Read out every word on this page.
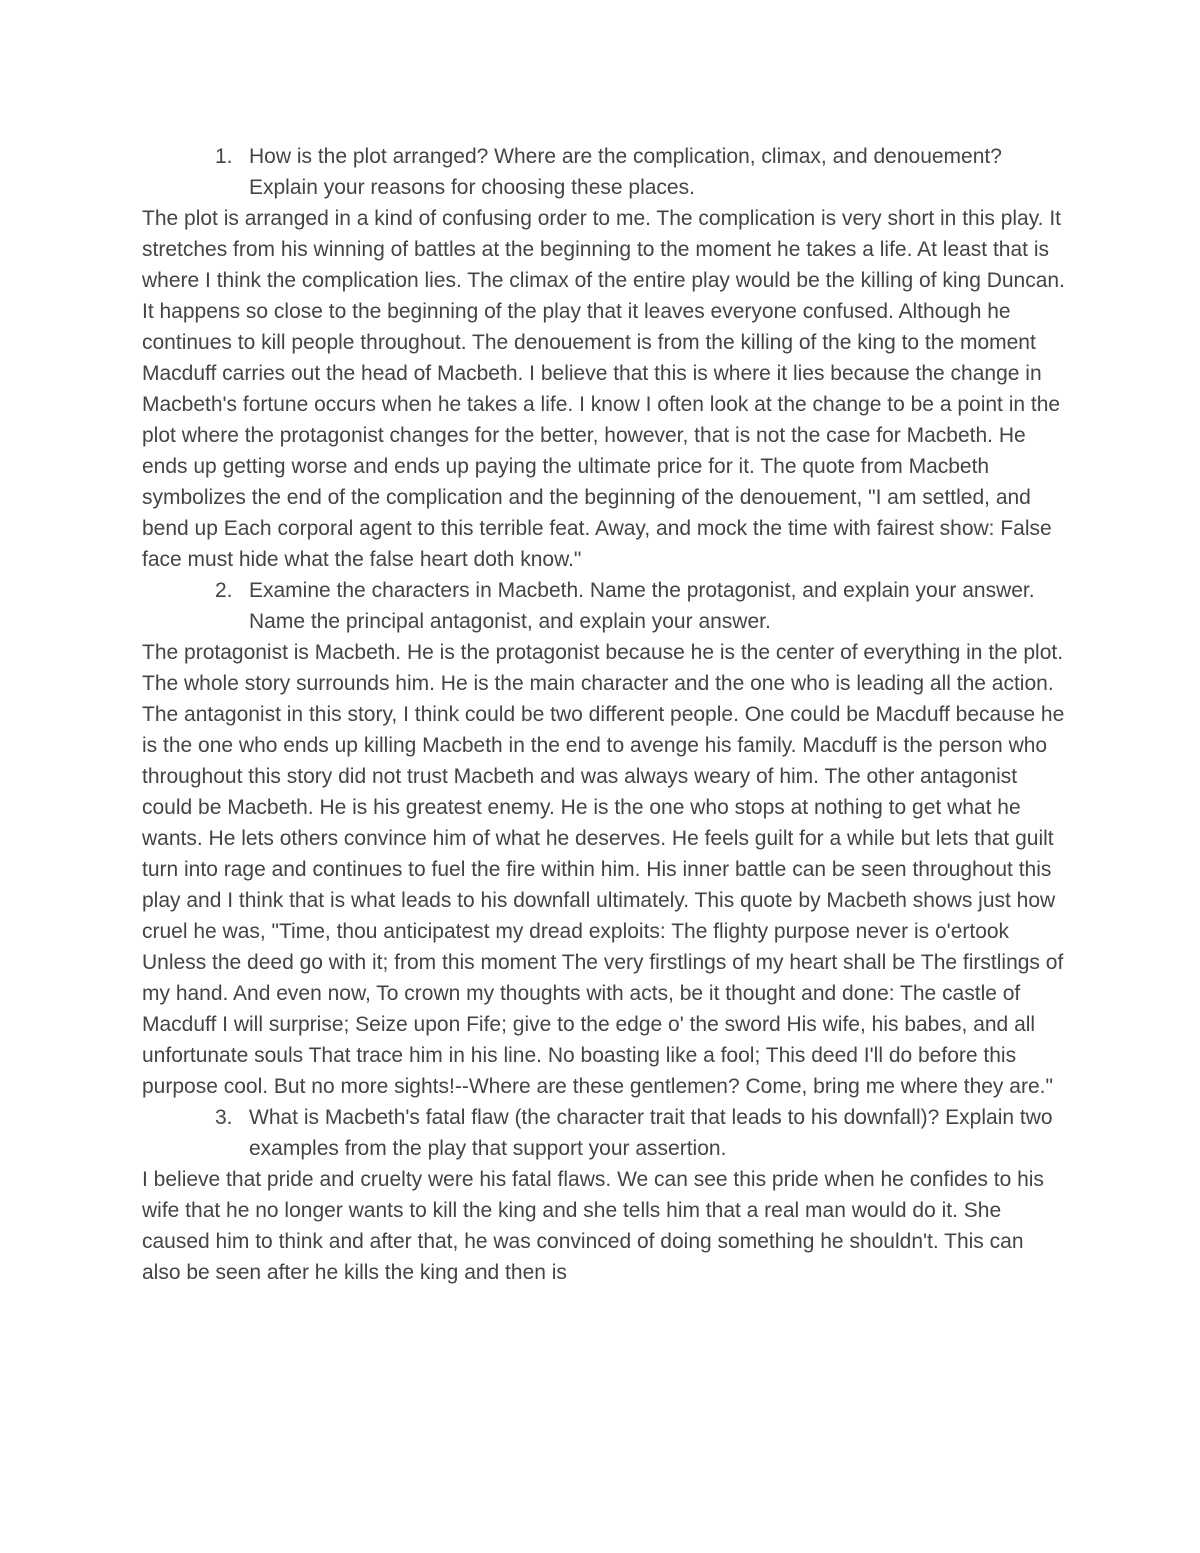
1. How is the plot arranged? Where are the complication, climax, and denouement? Explain your reasons for choosing these places.

The plot is arranged in a kind of confusing order to me. The complication is very short in this play. It stretches from his winning of battles at the beginning to the moment he takes a life. At least that is where I think the complication lies. The climax of the entire play would be the killing of king Duncan. It happens so close to the beginning of the play that it leaves everyone confused. Although he continues to kill people throughout. The denouement is from the killing of the king to the moment Macduff carries out the head of Macbeth. I believe that this is where it lies because the change in Macbeth's fortune occurs when he takes a life. I know I often look at the change to be a point in the plot where the protagonist changes for the better, however, that is not the case for Macbeth. He ends up getting worse and ends up paying the ultimate price for it. The quote from Macbeth symbolizes the end of the complication and the beginning of the denouement, "I am settled, and bend up Each corporal agent to this terrible feat. Away, and mock the time with fairest show: False face must hide what the false heart doth know."

2. Examine the characters in Macbeth. Name the protagonist, and explain your answer. Name the principal antagonist, and explain your answer.

The protagonist is Macbeth. He is the protagonist because he is the center of everything in the plot. The whole story surrounds him. He is the main character and the one who is leading all the action. The antagonist in this story, I think could be two different people. One could be Macduff because he is the one who ends up killing Macbeth in the end to avenge his family. Macduff is the person who throughout this story did not trust Macbeth and was always weary of him. The other antagonist could be Macbeth. He is his greatest enemy. He is the one who stops at nothing to get what he wants. He lets others convince him of what he deserves. He feels guilt for a while but lets that guilt turn into rage and continues to fuel the fire within him. His inner battle can be seen throughout this play and I think that is what leads to his downfall ultimately. This quote by Macbeth shows just how cruel he was, "Time, thou anticipatest my dread exploits: The flighty purpose never is o'ertook Unless the deed go with it; from this moment The very firstlings of my heart shall be The firstlings of my hand. And even now, To crown my thoughts with acts, be it thought and done: The castle of Macduff I will surprise; Seize upon Fife; give to the edge o' the sword His wife, his babes, and all unfortunate souls That trace him in his line. No boasting like a fool; This deed I'll do before this purpose cool. But no more sights!--Where are these gentlemen? Come, bring me where they are."

3. What is Macbeth's fatal flaw (the character trait that leads to his downfall)? Explain two examples from the play that support your assertion.

I believe that pride and cruelty were his fatal flaws. We can see this pride when he confides to his wife that he no longer wants to kill the king and she tells him that a real man would do it. She caused him to think and after that, he was convinced of doing something he shouldn't. This can also be seen after he kills the king and then is
